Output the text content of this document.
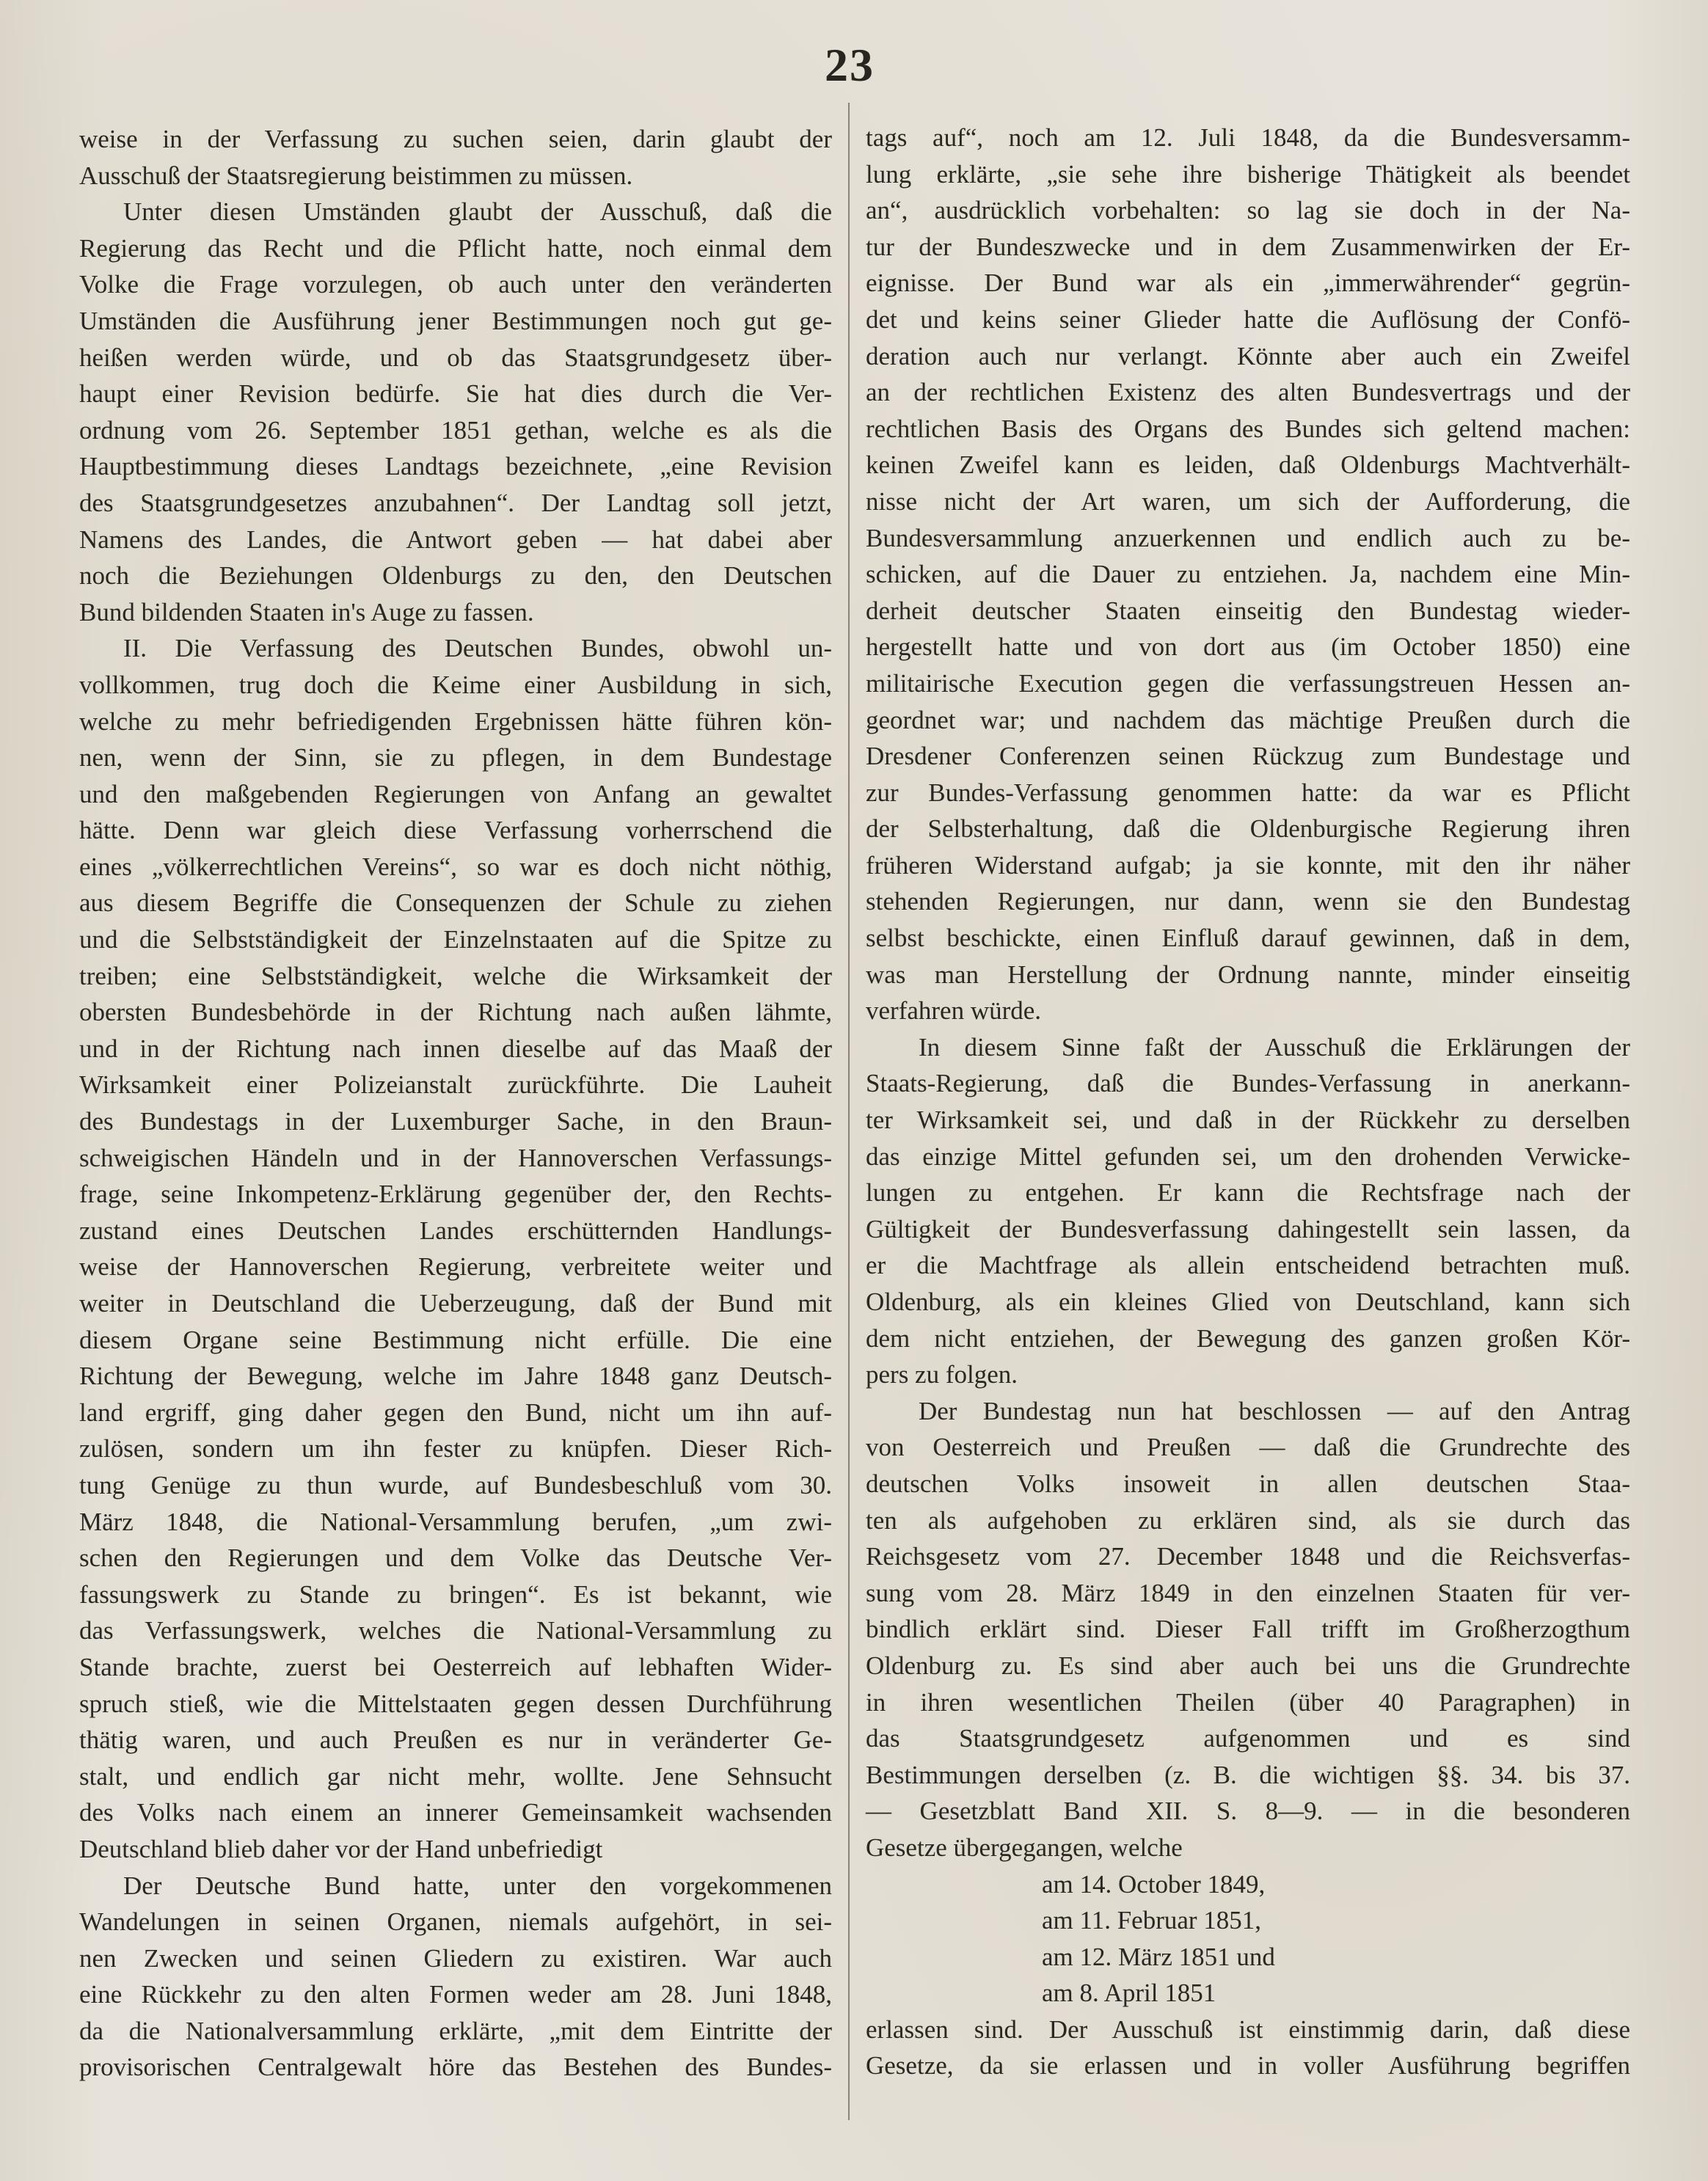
23
weise in der Verfassung zu suchen seien, darin glaubt der
Ausschuß der Staatsregierung beistimmen zu müssen.
Unter diesen Umständen glaubt der Ausschuß, daß die
Regierung das Recht und die Pflicht hatte, noch einmal dem
Volke die Frage vorzulegen, ob auch unter den veränderten
Umständen die Ausführung jener Bestimmungen noch gut ge-
heißen werden würde, und ob das Staatsgrundgesetz über-
haupt einer Revision bedürfe. Sie hat dies durch die Ver-
ordnung vom 26. September 1851 gethan, welche es als die
Hauptbestimmung dieses Landtags bezeichnete, „eine Revision
des Staatsgrundgesetzes anzubahnen“. Der Landtag soll jetzt,
Namens des Landes, die Antwort geben — hat dabei aber
noch die Beziehungen Oldenburgs zu den, den Deutschen
Bund bildenden Staaten in's Auge zu fassen.
II. Die Verfassung des Deutschen Bundes, obwohl un-
vollkommen, trug doch die Keime einer Ausbildung in sich,
welche zu mehr befriedigenden Ergebnissen hätte führen kön-
nen, wenn der Sinn, sie zu pflegen, in dem Bundestage
und den maßgebenden Regierungen von Anfang an gewaltet
hätte. Denn war gleich diese Verfassung vorherrschend die
eines „völkerrechtlichen Vereins“, so war es doch nicht nöthig,
aus diesem Begriffe die Consequenzen der Schule zu ziehen
und die Selbstständigkeit der Einzelnstaaten auf die Spitze zu
treiben; eine Selbstständigkeit, welche die Wirksamkeit der
obersten Bundesbehörde in der Richtung nach außen lähmte,
und in der Richtung nach innen dieselbe auf das Maaß der
Wirksamkeit einer Polizeianstalt zurückführte. Die Lauheit
des Bundestags in der Luxemburger Sache, in den Braun-
schweigischen Händeln und in der Hannoverschen Verfassungs-
frage, seine Inkompetenz-Erklärung gegenüber der, den Rechts-
zustand eines Deutschen Landes erschütternden Handlungs-
weise der Hannoverschen Regierung, verbreitete weiter und
weiter in Deutschland die Ueberzeugung, daß der Bund mit
diesem Organe seine Bestimmung nicht erfülle. Die eine
Richtung der Bewegung, welche im Jahre 1848 ganz Deutsch-
land ergriff, ging daher gegen den Bund, nicht um ihn auf-
zulösen, sondern um ihn fester zu knüpfen. Dieser Rich-
tung Genüge zu thun wurde, auf Bundesbeschluß vom 30.
März 1848, die National-Versammlung berufen, „um zwi-
schen den Regierungen und dem Volke das Deutsche Ver-
fassungswerk zu Stande zu bringen“. Es ist bekannt, wie
das Verfassungswerk, welches die National-Versammlung zu
Stande brachte, zuerst bei Oesterreich auf lebhaften Wider-
spruch stieß, wie die Mittelstaaten gegen dessen Durchführung
thätig waren, und auch Preußen es nur in veränderter Ge-
stalt, und endlich gar nicht mehr, wollte. Jene Sehnsucht
des Volks nach einem an innerer Gemeinsamkeit wachsenden
Deutschland blieb daher vor der Hand unbefriedigt
Der Deutsche Bund hatte, unter den vorgekommenen
Wandelungen in seinen Organen, niemals aufgehört, in sei-
nen Zwecken und seinen Gliedern zu existiren. War auch
eine Rückkehr zu den alten Formen weder am 28. Juni 1848,
da die Nationalversammlung erklärte, „mit dem Eintritte der
provisorischen Centralgewalt höre das Bestehen des Bundes-
tags auf“, noch am 12. Juli 1848, da die Bundesversamm-
lung erklärte, „sie sehe ihre bisherige Thätigkeit als beendet
an“, ausdrücklich vorbehalten: so lag sie doch in der Na-
tur der Bundeszwecke und in dem Zusammenwirken der Er-
eignisse. Der Bund war als ein „immerwährender“ gegrün-
det und keins seiner Glieder hatte die Auflösung der Confö-
deration auch nur verlangt. Könnte aber auch ein Zweifel
an der rechtlichen Existenz des alten Bundesvertrags und der
rechtlichen Basis des Organs des Bundes sich geltend machen:
keinen Zweifel kann es leiden, daß Oldenburgs Machtverhält-
nisse nicht der Art waren, um sich der Aufforderung, die
Bundesversammlung anzuerkennen und endlich auch zu be-
schicken, auf die Dauer zu entziehen. Ja, nachdem eine Min-
derheit deutscher Staaten einseitig den Bundestag wieder-
hergestellt hatte und von dort aus (im October 1850) eine
militairische Execution gegen die verfassungstreuen Hessen an-
geordnet war; und nachdem das mächtige Preußen durch die
Dresdener Conferenzen seinen Rückzug zum Bundestage und
zur Bundes-Verfassung genommen hatte: da war es Pflicht
der Selbsterhaltung, daß die Oldenburgische Regierung ihren
früheren Widerstand aufgab; ja sie konnte, mit den ihr näher
stehenden Regierungen, nur dann, wenn sie den Bundestag
selbst beschickte, einen Einfluß darauf gewinnen, daß in dem,
was man Herstellung der Ordnung nannte, minder einseitig
verfahren würde.
In diesem Sinne faßt der Ausschuß die Erklärungen der
Staats-Regierung, daß die Bundes-Verfassung in anerkann-
ter Wirksamkeit sei, und daß in der Rückkehr zu derselben
das einzige Mittel gefunden sei, um den drohenden Verwicke-
lungen zu entgehen. Er kann die Rechtsfrage nach der
Gültigkeit der Bundesverfassung dahingestellt sein lassen, da
er die Machtfrage als allein entscheidend betrachten muß.
Oldenburg, als ein kleines Glied von Deutschland, kann sich
dem nicht entziehen, der Bewegung des ganzen großen Kör-
pers zu folgen.
Der Bundestag nun hat beschlossen — auf den Antrag
von Oesterreich und Preußen — daß die Grundrechte des
deutschen Volks insoweit in allen deutschen Staa-
ten als aufgehoben zu erklären sind, als sie durch das
Reichsgesetz vom 27. December 1848 und die Reichsverfas-
sung vom 28. März 1849 in den einzelnen Staaten für ver-
bindlich erklärt sind. Dieser Fall trifft im Großherzogthum
Oldenburg zu. Es sind aber auch bei uns die Grundrechte
in ihren wesentlichen Theilen (über 40 Paragraphen) in
das Staatsgrundgesetz aufgenommen und es sind
Bestimmungen derselben (z. B. die wichtigen §§. 34. bis 37.
— Gesetzblatt Band XII. S. 8—9. — in die besonderen
Gesetze übergegangen, welche
am 14. October 1849,
am 11. Februar 1851,
am 12. März 1851 und
am 8. April 1851
erlassen sind. Der Ausschuß ist einstimmig darin, daß diese
Gesetze, da sie erlassen und in voller Ausführung begriffen
